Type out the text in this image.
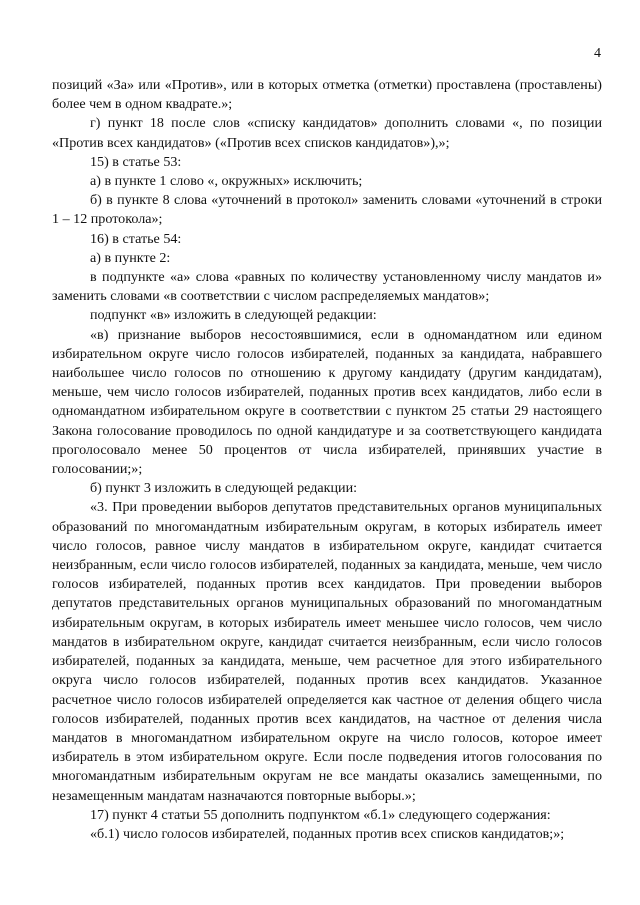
4

позиций «За» или «Против», или в которых отметка (отметки) проставлена (проставлены) более чем в одном квадрате.»;

г) пункт 18 после слов «списку кандидатов» дополнить словами «, по позиции «Против всех кандидатов» («Против всех списков кандидатов»),»;

15) в статье 53:

а) в пункте 1 слово «, окружных» исключить;

б) в пункте 8 слова «уточнений в протокол» заменить словами «уточнений в строки 1 – 12 протокола»;

16) в статье 54:

а) в пункте 2:

в подпункте «а» слова «равных по количеству установленному числу мандатов и» заменить словами «в соответствии с числом распределяемых мандатов»;

подпункт «в» изложить в следующей редакции:

«в) признание выборов несостоявшимися, если в одномандатном или едином избирательном округе число голосов избирателей, поданных за кандидата, набравшего наибольшее число голосов по отношению к другому кандидату (другим кандидатам), меньше, чем число голосов избирателей, поданных против всех кандидатов, либо если в одномандатном избирательном округе в соответствии с пунктом 25 статьи 29 настоящего Закона голосование проводилось по одной кандидатуре и за соответствующего кандидата проголосовало менее 50 процентов от числа избирателей, принявших участие в голосовании;»;

б) пункт 3 изложить в следующей редакции:

«3. При проведении выборов депутатов представительных органов муниципальных образований по многомандатным избирательным округам, в которых избиратель имеет число голосов, равное числу мандатов в избирательном округе, кандидат считается неизбранным, если число голосов избирателей, поданных за кандидата, меньше, чем число голосов избирателей, поданных против всех кандидатов. При проведении выборов депутатов представительных органов муниципальных образований по многомандатным избирательным округам, в которых избиратель имеет меньшее число голосов, чем число мандатов в избирательном округе, кандидат считается неизбранным, если число голосов избирателей, поданных за кандидата, меньше, чем расчетное для этого избирательного округа число голосов избирателей, поданных против всех кандидатов. Указанное расчетное число голосов избирателей определяется как частное от деления общего числа голосов избирателей, поданных против всех кандидатов, на частное от деления числа мандатов в многомандатном избирательном округе на число голосов, которое имеет избиратель в этом избирательном округе. Если после подведения итогов голосования по многомандатным избирательным округам не все мандаты оказались замещенными, по незамещенным мандатам назначаются повторные выборы.»;

17) пункт 4 статьи 55 дополнить подпунктом «б.1» следующего содержания:

«б.1) число голосов избирателей, поданных против всех списков кандидатов;»;
